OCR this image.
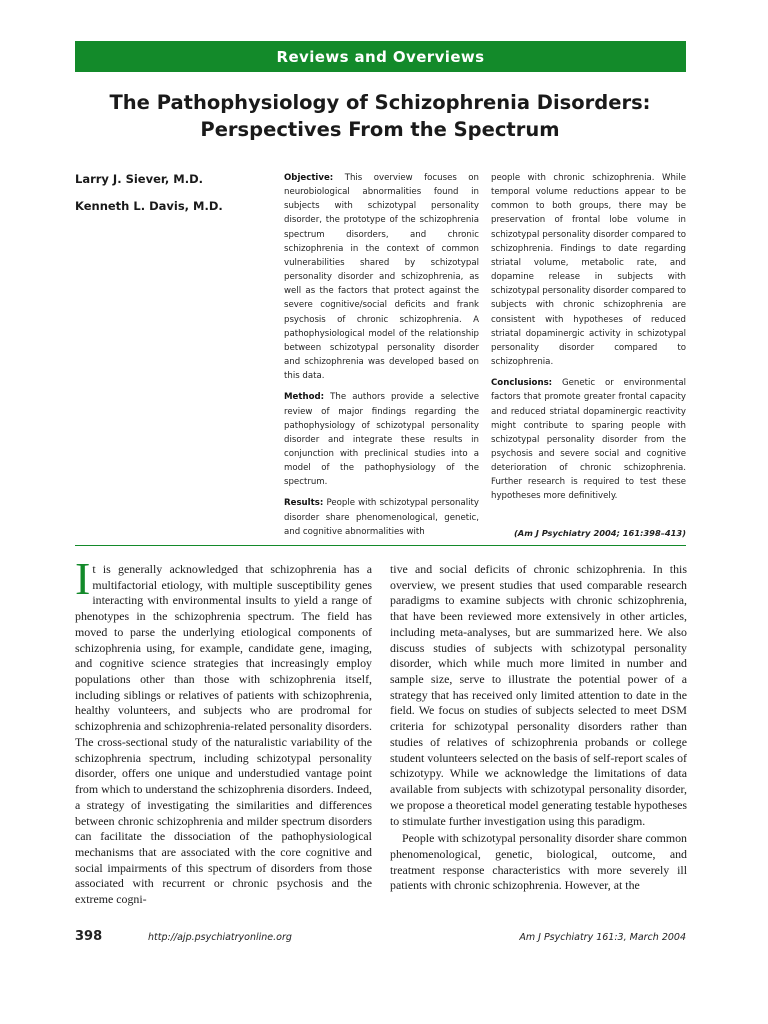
Reviews and Overviews
The Pathophysiology of Schizophrenia Disorders:
Perspectives From the Spectrum
Larry J. Siever, M.D.
Kenneth L. Davis, M.D.

Objective: This overview focuses on neurobiological abnormalities found in subjects with schizotypal personality disorder, the prototype of the schizophrenia spectrum disorders, and chronic schizophrenia in the context of common vulnerabilities shared by schizotypal personality disorder and schizophrenia, as well as the factors that protect against the severe cognitive/social deficits and frank psychosis of chronic schizophrenia. A pathophysiological model of the relationship between schizotypal personality disorder and schizophrenia was developed based on this data.

Method: The authors provide a selective review of major findings regarding the pathophysiology of schizotypal personality disorder and integrate these results in conjunction with preclinical studies into a model of the pathophysiology of the spectrum.

Results: People with schizotypal personality disorder share phenomenological, genetic, and cognitive abnormalities with

people with chronic schizophrenia. While temporal volume reductions appear to be common to both groups, there may be preservation of frontal lobe volume in schizotypal personality disorder compared to schizophrenia. Findings to date regarding striatal volume, metabolic rate, and dopamine release in subjects with schizotypal personality disorder compared to subjects with chronic schizophrenia are consistent with hypotheses of reduced striatal dopaminergic activity in schizotypal personality disorder compared to schizophrenia.

Conclusions: Genetic or environmental factors that promote greater frontal capacity and reduced striatal dopaminergic reactivity might contribute to sparing people with schizotypal personality disorder from the psychosis and severe social and cognitive deterioration of chronic schizophrenia. Further research is required to test these hypotheses more definitively.

(Am J Psychiatry 2004; 161:398–413)

It is generally acknowledged that schizophrenia has a multifactorial etiology, with multiple susceptibility genes interacting with environmental insults to yield a range of phenotypes in the schizophrenia spectrum. The field has moved to parse the underlying etiological components of schizophrenia using, for example, candidate gene, imaging, and cognitive science strategies that increasingly employ populations other than those with schizophrenia itself, including siblings or relatives of patients with schizophrenia, healthy volunteers, and subjects who are prodromal for schizophrenia and schizophrenia-related personality disorders. The cross-sectional study of the naturalistic variability of the schizophrenia spectrum, including schizotypal personality disorder, offers one unique and understudied vantage point from which to understand the schizophrenia disorders. Indeed, a strategy of investigating the similarities and differences between chronic schizophrenia and milder spectrum disorders can facilitate the dissociation of the pathophysiological mechanisms that are associated with the core cognitive and social impairments of this spectrum of disorders from those associated with recurrent or chronic psychosis and the extreme cogni-

tive and social deficits of chronic schizophrenia. In this overview, we present studies that used comparable research paradigms to examine subjects with chronic schizophrenia, that have been reviewed more extensively in other articles, including meta-analyses, but are summarized here. We also discuss studies of subjects with schizotypal personality disorder, which while much more limited in number and sample size, serve to illustrate the potential power of a strategy that has received only limited attention to date in the field. We focus on studies of subjects selected to meet DSM criteria for schizotypal personality disorders rather than studies of relatives of schizophrenia probands or college student volunteers selected on the basis of self-report scales of schizotypy. While we acknowledge the limitations of data available from subjects with schizotypal personality disorder, we propose a theoretical model generating testable hypotheses to stimulate further investigation using this paradigm.

People with schizotypal personality disorder share common phenomenological, genetic, biological, outcome, and treatment response characteristics with more severely ill patients with chronic schizophrenia. However, at the

398	http://ajp.psychiatryonline.org	Am J Psychiatry 161:3, March 2004
